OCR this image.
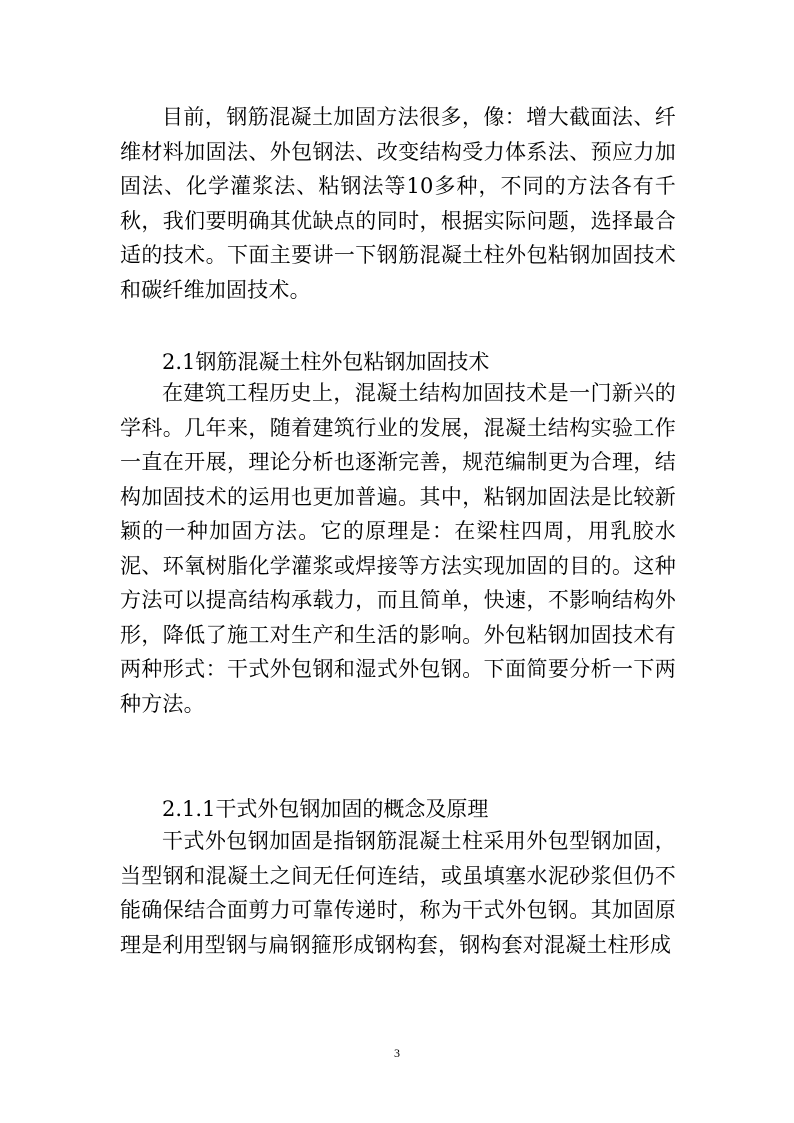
目前，钢筋混凝土加固方法很多，像：增大截面法、纤维材料加固法、外包钢法、改变结构受力体系法、预应力加固法、化学灌浆法、粘钢法等10多种，不同的方法各有千秋，我们要明确其优缺点的同时，根据实际问题，选择最合适的技术。下面主要讲一下钢筋混凝土柱外包粘钢加固技术和碳纤维加固技术。

2.1钢筋混凝土柱外包粘钢加固技术

在建筑工程历史上，混凝土结构加固技术是一门新兴的学科。几年来，随着建筑行业的发展，混凝土结构实验工作一直在开展，理论分析也逐渐完善，规范编制更为合理，结构加固技术的运用也更加普遍。其中，粘钢加固法是比较新颖的一种加固方法。它的原理是：在梁柱四周，用乳胶水泥、环氧树脂化学灌浆或焊接等方法实现加固的目的。这种方法可以提高结构承载力，而且简单，快速，不影响结构外形，降低了施工对生产和生活的影响。外包粘钢加固技术有两种形式：干式外包钢和湿式外包钢。下面简要分析一下两种方法。

2.1.1干式外包钢加固的概念及原理

干式外包钢加固是指钢筋混凝土柱采用外包型钢加固，当型钢和混凝土之间无任何连结，或虽填塞水泥砂浆但仍不能确保结合面剪力可靠传递时，称为干式外包钢。其加固原理是利用型钢与扁钢箍形成钢构套，钢构套对混凝土柱形成

3
